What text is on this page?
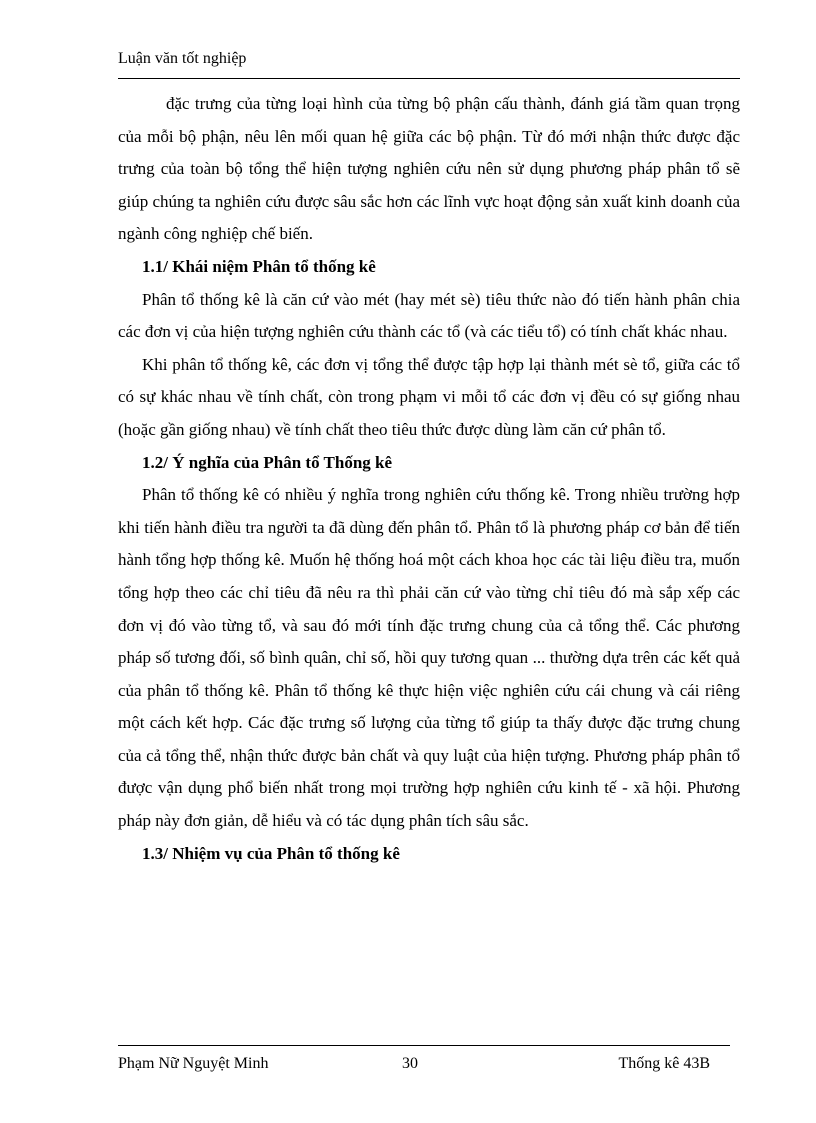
Luận văn tốt nghiệp

đặc trưng của từng loại hình của từng bộ phận cấu thành, đánh giá tầm quan trọng của mỗi bộ phận, nêu lên mối quan hệ giữa các bộ phận. Từ đó mới nhận thức được đặc trưng của toàn bộ tổng thể hiện tượng nghiên cứu nên sử dụng phương pháp phân tổ sẽ giúp chúng ta nghiên cứu được sâu sắc hơn các lĩnh vực hoạt động sản xuất kinh doanh của ngành công nghiệp chế biến.

1.1/ Khái niệm Phân tổ thống kê

Phân tổ thống kê là căn cứ vào mét (hay mét sè) tiêu thức nào đó tiến hành phân chia các đơn vị của hiện tượng nghiên cứu thành các tổ (và các tiểu tổ) có tính chất khác nhau.

Khi phân tổ thống kê, các đơn vị tổng thể được tập hợp lại thành mét sè tổ, giữa các tổ có sự khác nhau về tính chất, còn trong phạm vi mỗi tổ các đơn vị đều có sự giống nhau (hoặc gần giống nhau) về tính chất theo tiêu thức được dùng làm căn cứ phân tổ.

1.2/ Ý nghĩa của Phân tổ Thống kê

Phân tổ thống kê có nhiều ý nghĩa trong nghiên cứu thống kê. Trong nhiều trường hợp khi tiến hành điều tra người ta đã dùng đến phân tổ. Phân tổ là phương pháp cơ bản để tiến hành tổng hợp thống kê. Muốn hệ thống hoá một cách khoa học các tài liệu điều tra, muốn tổng hợp theo các chỉ tiêu đã nêu ra thì phải căn cứ vào từng chỉ tiêu đó mà sắp xếp các đơn vị đó vào từng tổ, và sau đó mới tính đặc trưng chung của cả tổng thể. Các phương pháp số tương đối, số bình quân, chỉ số, hồi quy tương quan ... thường dựa trên các kết quả của phân tổ thống kê. Phân tổ thống kê thực hiện việc nghiên cứu cái chung và cái riêng một cách kết hợp. Các đặc trưng số lượng của từng tổ giúp ta thấy được đặc trưng chung của cả tổng thể, nhận thức được bản chất và quy luật của hiện tượng. Phương pháp phân tổ được vận dụng phổ biến nhất trong mọi trường hợp nghiên cứu kinh tế - xã hội. Phương pháp này đơn giản, dễ hiểu và có tác dụng phân tích sâu sắc.

1.3/ Nhiệm vụ của Phân tổ thống kê
Phạm Nữ Nguyệt Minh	30	Thống kê 43B
